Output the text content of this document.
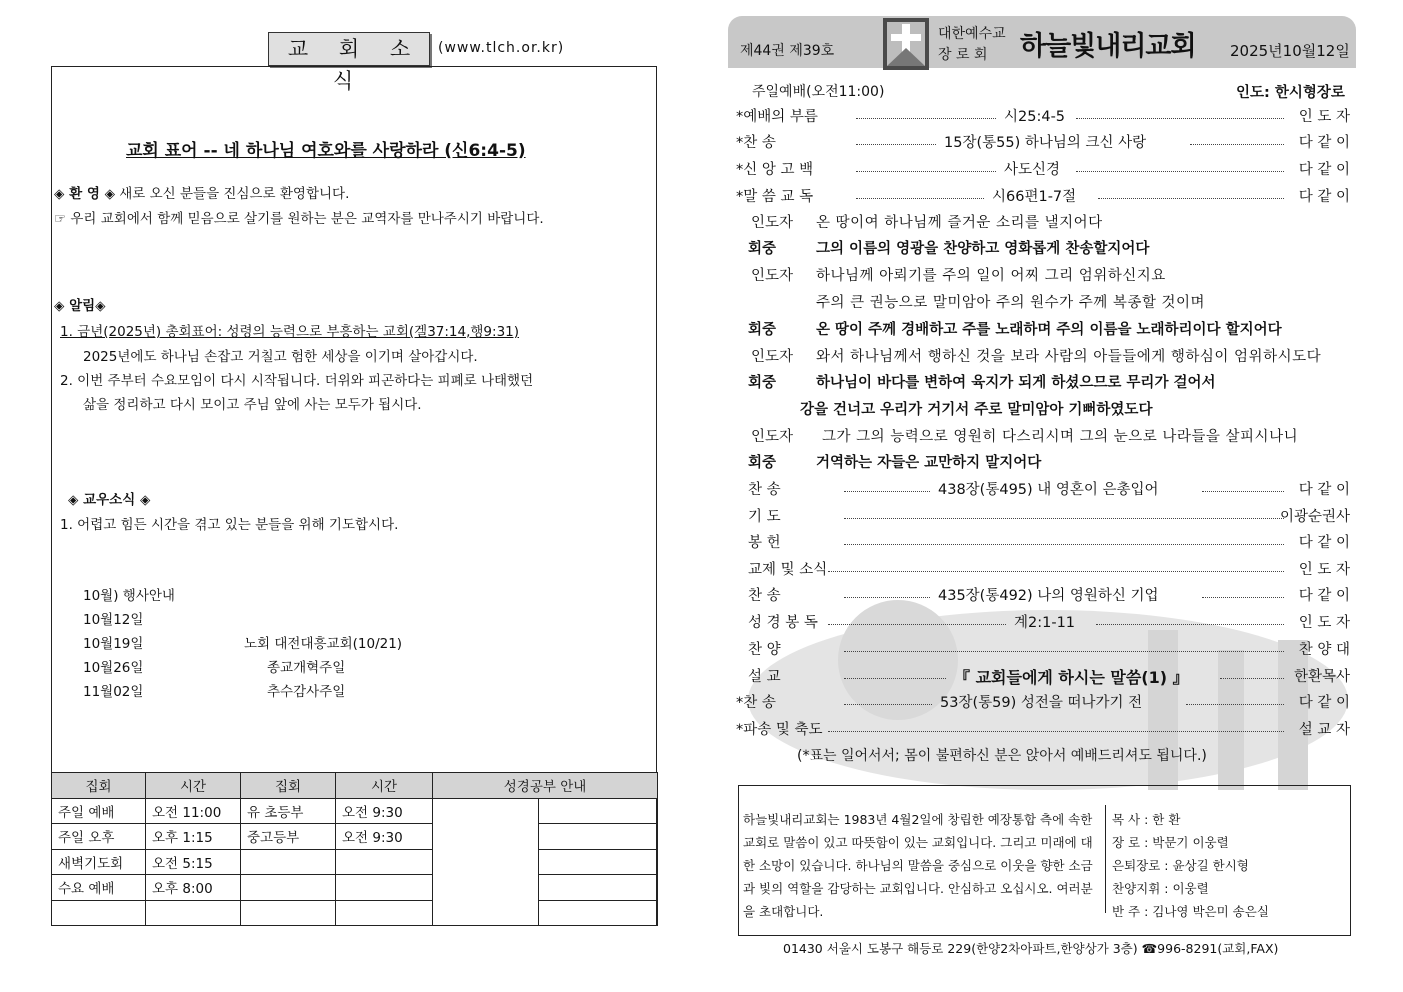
교 회 소 식
(www.tlch.or.kr)
교회 표어 -- 네 하나님 여호와를 사랑하라 (신6:4-5)
◈ 환 영 ◈ 새로 오신 분들을 진심으로 환영합니다.
☞ 우리 교회에서 함께 믿음으로 살기를 원하는 분은 교역자를 만나주시기 바랍니다.
◈ 알림◈
1. 금년(2025년) 총회표어: 성령의 능력으로 부흥하는 교회(겔37:14,행9:31)
2025년에도 하나님 손잡고 거칠고 험한 세상을 이기며 살아갑시다.
2. 이번 주부터 수요모임이 다시 시작됩니다. 더위와 피곤하다는 피폐로 나태했던
삶을 정리하고 다시 모이고 주님 앞에 사는 모두가 됩시다.
◈ 교우소식 ◈
1. 어렵고 힘든 시간을 겪고 있는 분들을 위해 기도합시다.
10월) 행사안내
10월12일
10월19일	노회 대전대흥교회(10/21)
10월26일	종교개혁주일
11월02일	추수감사주일
집회	시간	집회	시간	성경공부 안내	
주일 예배	오전 11:00	유 초등부	오전 9:30		
주일 오후	오후 1:15	중고등부	오전 9:30		
새벽기도회	오전 5:15				
수요 예배	오후 8:00				

제44권 제39호
대한예수교
장 로 회 하늘빛내리교회 2025년10월12일
주일예배(오전11:00)	인도: 한시형장로
*예배의 부름	시25:4-5	인 도 자
*찬 송	15장(통55) 하나님의 크신 사랑	다 같 이
*신 앙 고 백	사도신경	다 같 이
*말 씀 교 독	시66편1-7절	다 같 이
인도자 온 땅이여 하나님께 즐거운 소리를 낼지어다
회중	그의 이름의 영광을 찬양하고 영화롭게 찬송할지어다
인도자 하나님께 아뢰기를 주의 일이 어찌 그리 엄위하신지요
주의 큰 권능으로 말미암아 주의 원수가 주께 복종할 것이며
회중	온 땅이 주께 경배하고 주를 노래하며 주의 이름을 노래하리이다 할지어다
인도자 와서 하나님께서 행하신 것을 보라 사람의 아들들에게 행하심이 엄위하시도다
회중	하나님이 바다를 변하여 육지가 되게 하셨으므로 무리가 걸어서
강을 건너고 우리가 거기서 주로 말미암아 기뻐하였도다
인도자 그가 그의 능력으로 영원히 다스리시며 그의 눈으로 나라들을 살피시나니
회중	거역하는 자들은 교만하지 말지어다
찬 송	438장(통495) 내 영혼이 은총입어	다 같 이
기 도	이광순권사
봉 헌	다 같 이
교제 및 소식	인 도 자
찬 송	435장(통492) 나의 영원하신 기업	다 같 이
성 경 봉 독	계2:1-11	인 도 자
찬 양	찬 양 대
설 교	『 교회들에게 하시는 말씀(1) 』	한환목사
*찬 송	53장(통59) 성전을 떠나가기 전	다 같 이
*파송 및 축도	설 교 자
(*표는 일어서서; 몸이 불편하신 분은 앉아서 예배드리셔도 됩니다.)
하늘빛내리교회는 1983년 4월2일에 창립한 예장통합 측에 속한 교회로 말씀이 있고 따뜻함이 있는 교회입니다. 그리고 미래에 대한 소망이 있습니다. 하나님의 말씀을 중심으로 이웃을 향한 소금과 빛의 역할을 감당하는 교회입니다. 안심하고 오십시오. 여러분을 초대합니다.
목 사 : 한 환
장 로 : 박문기 이웅렬
은퇴장로 : 윤상길 한시형
찬양지휘 : 이웅렬
반 주 : 김나영 박은미 송은실
01430 서울시 도봉구 해등로 229(한양2차아파트,한양상가 3층) ☎996-8291(교회,FAX)
